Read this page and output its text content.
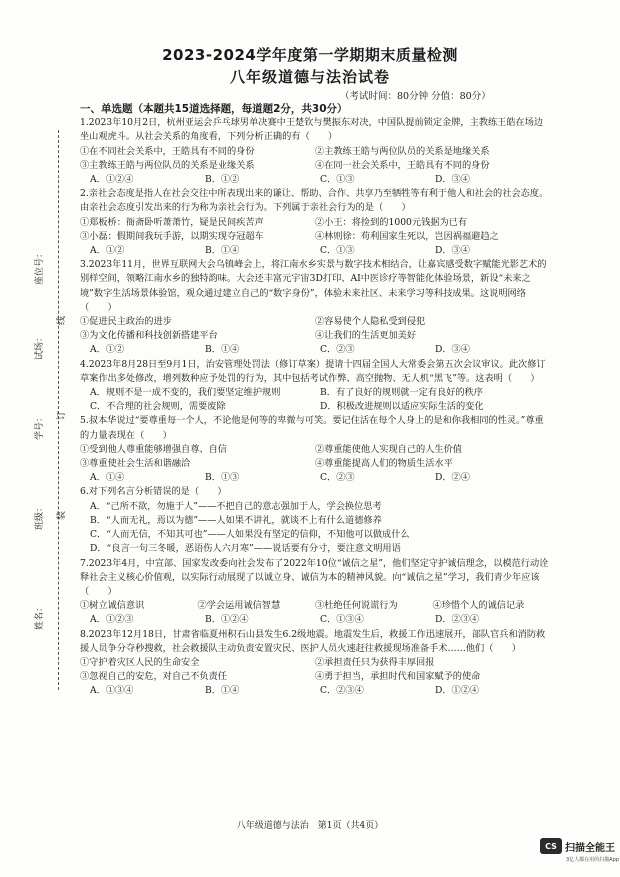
座位号：
试场：
学号：
班级：
姓名：
线
订
装
2023-2024学年度第一学期期末质量检测
八年级道德与法治试卷
（考试时间：80分钟 分值：80分）
一、单选题（本题共15道选择题，每道题2分，共30分）

1.2023年10月2日，杭州亚运会乒乓球男单决赛中王楚钦与樊振东对决，中国队提前锁定金牌，主教练王皓在场边坐山观虎斗。从社会关系的角度看，下列分析正确的有（　　）

①在不同社会关系中，王皓具有不同的身份	②主教练王皓与两位队员的关系是地缘关系
③主教练王皓与两位队员的关系是业缘关系	④在同一社会关系中，王皓具有不同的身份
A．①②④	B．①②	C．①③	D．③④

2.亲社会态度是指人在社会交往中所表现出来的谦让、帮助、合作、共享乃至牺牲等有利于他人和社会的社会态度。由亲社会态度引发出来的行为称为亲社会行为。下列属于亲社会行为的是（　　）

①郑板桥：衙斋卧听萧萧竹，疑是民间疾苦声	②小王：将捡到的1000元钱据为已有
③小磊：假期间我玩手游，以期实现夺冠超车	④林则徐：苟利国家生死以，岂因祸福避趋之
A．①②	B．①④	C．①③	D．③④

3.2023年11月，世界互联网大会乌镇峰会上，将江南水乡实景与数字技术相结合，让嘉宾感受数字赋能光影艺术的别样空间，领略江南水乡的独特韵味。大会还丰富元宇宙3D打印、AI中医诊疗等智能化体验场景，新设“未来之境”数字生活场景体验馆，观众通过建立自己的“数字身份”，体验未来社区、未来学习等科技成果。这说明网络（　　）

①促进民主政治的进步	②容易使个人隐私受到侵犯
③为文化传播和科技创新搭建平台	④让我们的生活更加美好
A．①②	B．①④	C．②③	D．③④

4.2023年8月28日至9月1日，治安管理处罚法（修订草案）提请十四届全国人大常委会第五次会议审议。此次修订草案作出多处修改，增列数种应予处罚的行为，其中包括考试作弊、高空抛物、无人机“黑飞”等。这表明（　　）

A．规则不是一成不变的，我们要坚定维护规则	B．有了良好的规则就一定有良好的秩序
C．不合理的社会规则，需要废除	D．积极改进规则以适应实际生活的变化

5.叔本华说过“要尊重每一个人，不论他是何等的卑微与可笑。要记住活在每个人身上的是和你我相同的性灵。”尊重的力量表现在（　　）

①受到他人尊重能够增强自尊、自信	②尊重能使他人实现自己的人生价值
③尊重使社会生活和谐融洽	④尊重能提高人们的物质生活水平
A．①④	B．①③	C．②③	D．②④

6.对下列名言分析错误的是（　　）

A．“己所不欲，勿施于人”——不把自己的意志强加于人，学会换位思考
B．“人而无礼，焉以为德”——人如果不讲礼，就谈不上有什么道德修养
C．“人而无信，不知其可也”——人如果没有坚定的信仰，不知他可以做成什么
D．“良言一句三冬暖，恶语伤人六月寒”——说话要有分寸，要注意文明用语

7.2023年4月，中宣部、国家发改委向社会发布了2022年10位“诚信之星”，他们坚定守护诚信理念，以模范行动诠释社会主义核心价值观，以实际行动展现了以诚立身、诚信为本的精神风貌。向“诚信之星”学习，我们青少年应该（　　）

①树立诚信意识	②学会运用诚信智慧	③杜绝任何说谎行为	④珍惜个人的诚信记录
A．①②③	B．①②④	C．①③④	D．②③④

8.2023年12月18日，甘肃省临夏州积石山县发生6.2级地震。地震发生后，救援工作迅速展开，部队官兵和消防救援人员争分夺秒搜救，社会救援队主动负责安置灾民、医护人员火速赶往救援现场准备手术……他们（　　）

①守护着灾区人民的生命安全	②承担责任只为获得丰厚回报
③忽视自己的安危，对自己不负责任	④勇于担当，承担时代和国家赋予的使命
A．①③④	B．①④	C．②③④	D．①②④
八年级道德与法治　第1页（共4页）
CS 扫描全能王
3亿人都在用的扫描App
